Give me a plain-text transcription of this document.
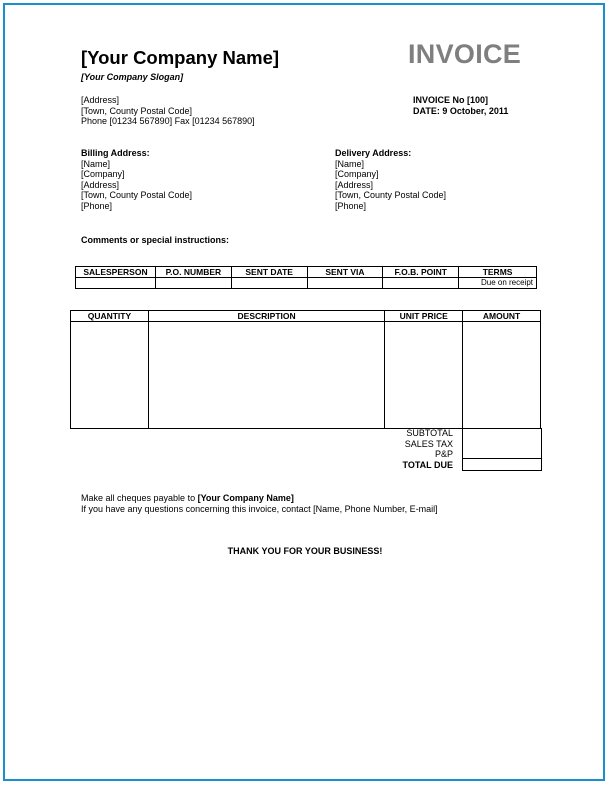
[Your Company Name]
[Your Company Slogan]
INVOICE
[Address]
[Town, County Postal Code]
Phone [01234 567890] Fax [01234 567890]
INVOICE No [100]
DATE: 9 October, 2011
Billing Address:
[Name]
[Company]
[Address]
[Town, County Postal Code]
[Phone]
Delivery Address:
[Name]
[Company]
[Address]
[Town, County Postal Code]
[Phone]
Comments or special instructions:
SALESPERSON	P.O. NUMBER	SENT DATE	SENT VIA	F.O.B. POINT	TERMS
					Due on receipt
QUANTITY	DESCRIPTION	UNIT PRICE	AMOUNT

SUBTOTAL
SALES TAX
P&P
TOTAL DUE
Make all cheques payable to [Your Company Name]
If you have any questions concerning this invoice, contact [Name, Phone Number, E-mail]
THANK YOU FOR YOUR BUSINESS!
